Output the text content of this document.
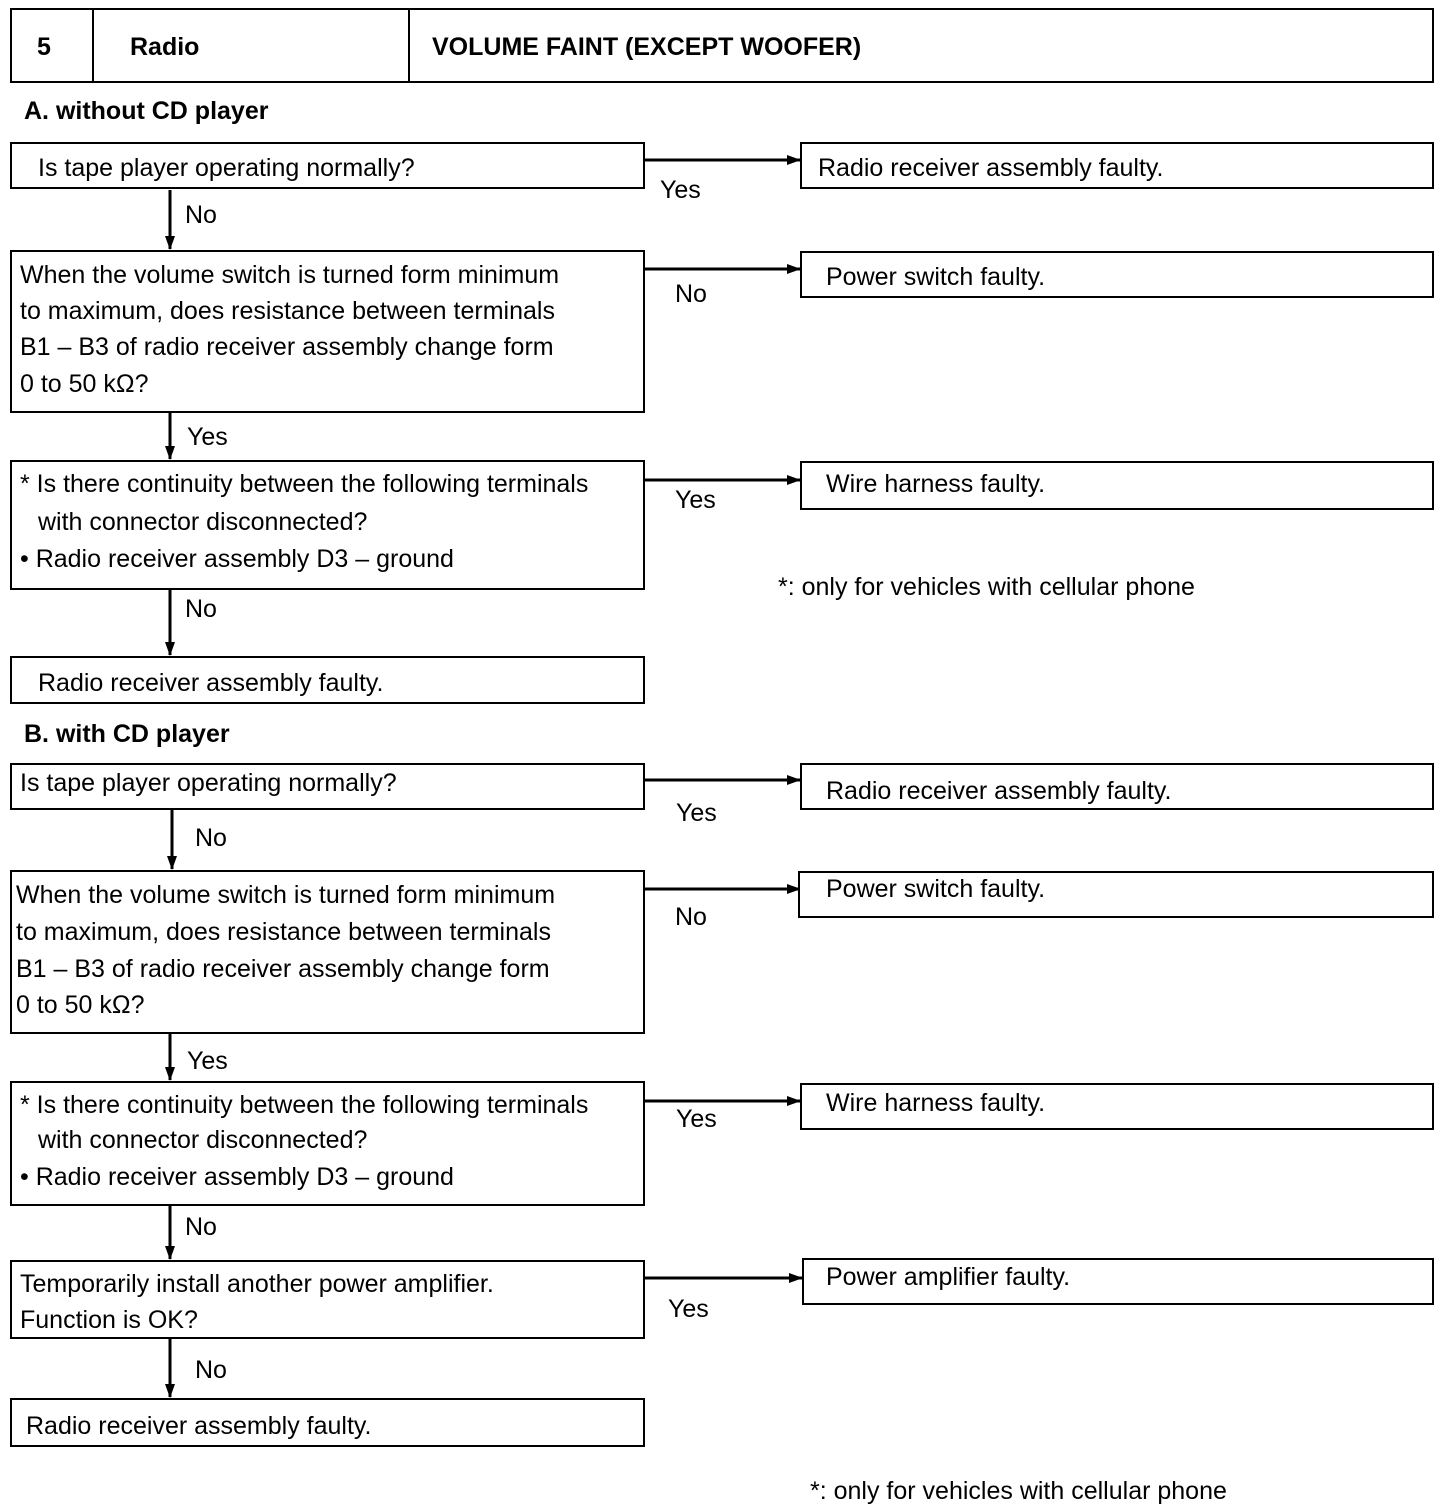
5	Radio	VOLUME FAINT (EXCEPT WOOFER)
A. without CD player
Is tape player operating normally?
Yes
Radio receiver assembly faulty.
No
When the volume switch is turned form minimum
to maximum, does resistance between terminals
B1 – B3 of radio receiver assembly change form
0 to 50 kΩ?
No
Power switch faulty.
Yes
* Is there continuity between the following terminals
with connector disconnected?
• Radio receiver assembly D3 – ground
Yes
Wire harness faulty.
*: only for vehicles with cellular phone
No
Radio receiver assembly faulty.
B. with CD player
Is tape player operating normally?
Yes
Radio receiver assembly faulty.
No
When the volume switch is turned form minimum
to maximum, does resistance between terminals
B1 – B3 of radio receiver assembly change form
0 to 50 kΩ?
No
Power switch faulty.
Yes
* Is there continuity between the following terminals
with connector disconnected?
• Radio receiver assembly D3 – ground
Yes
Wire harness faulty.
No
Temporarily install another power amplifier.
Function is OK?	Yes
Power amplifier faulty.
No
Radio receiver assembly faulty.
*: only for vehicles with cellular phone
